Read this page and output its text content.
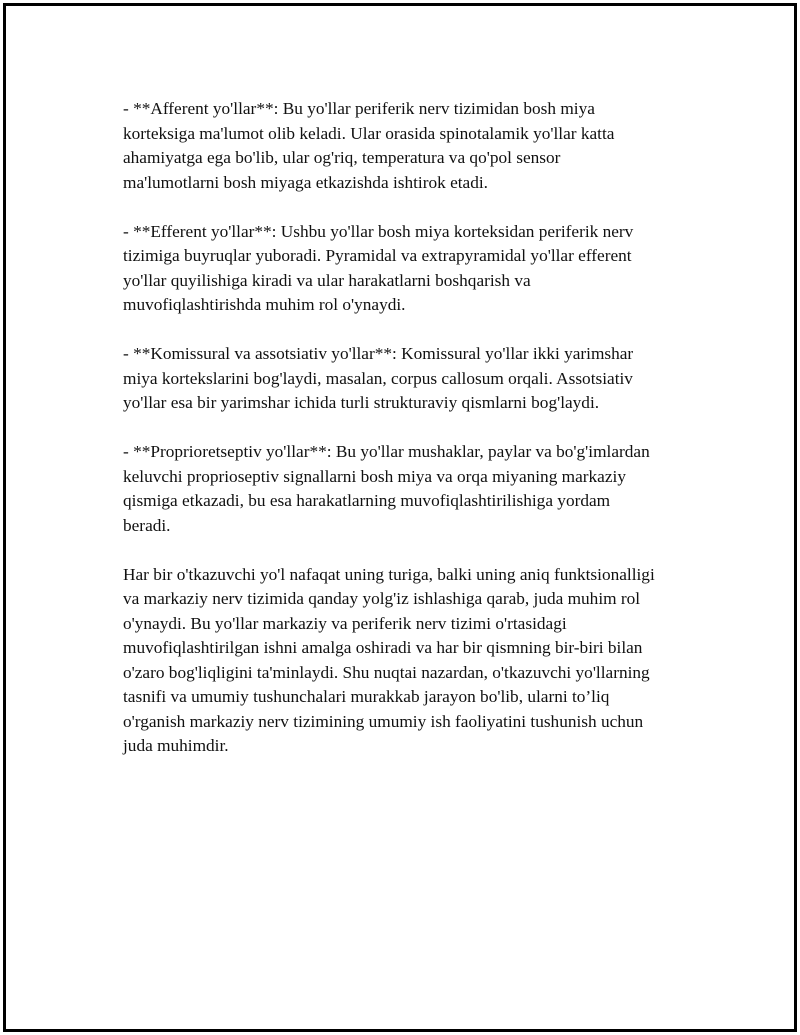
- **Afferent yo'llar**: Bu yo'llar periferik nerv tizimidan bosh miya
korteksiga ma'lumot olib keladi. Ular orasida spinotalamik yo'llar katta
ahamiyatga ega bo'lib, ular og'riq, temperatura va qo'pol sensor
ma'lumotlarni bosh miyaga etkazishda ishtirok etadi.

- **Efferent yo'llar**: Ushbu yo'llar bosh miya korteksidan periferik nerv
tizimiga buyruqlar yuboradi. Pyramidal va extrapyramidal yo'llar efferent
yo'llar quyilishiga kiradi va ular harakatlarni boshqarish va
muvofiqlashtirishda muhim rol o'ynaydi.

- **Komissural va assotsiativ yo'llar**: Komissural yo'llar ikki yarimshar
miya kortekslarini bog'laydi, masalan, corpus callosum orqali. Assotsiativ
yo'llar esa bir yarimshar ichida turli strukturaviy qismlarni bog'laydi.

- **Proprioretseptiv yo'llar**: Bu yo'llar mushaklar, paylar va bo'g'imlardan
keluvchi proprioseptiv signallarni bosh miya va orqa miyaning markaziy
qismiga etkazadi, bu esa harakatlarning muvofiqlashtirilishiga yordam
beradi.

Har bir o'tkazuvchi yo'l nafaqat uning turiga, balki uning aniq funktsionalligi
va markaziy nerv tizimida qanday yolg'iz ishlashiga qarab, juda muhim rol
o'ynaydi. Bu yo'llar markaziy va periferik nerv tizimi o'rtasidagi
muvofiqlashtirilgan ishni amalga oshiradi va har bir qismning bir-biri bilan
o'zaro bog'liqligini ta'minlaydi. Shu nuqtai nazardan, o'tkazuvchi yo'llarning
tasnifi va umumiy tushunchalari murakkab jarayon bo'lib, ularni to’liq
o'rganish markaziy nerv tizimining umumiy ish faoliyatini tushunish uchun
juda muhimdir.
